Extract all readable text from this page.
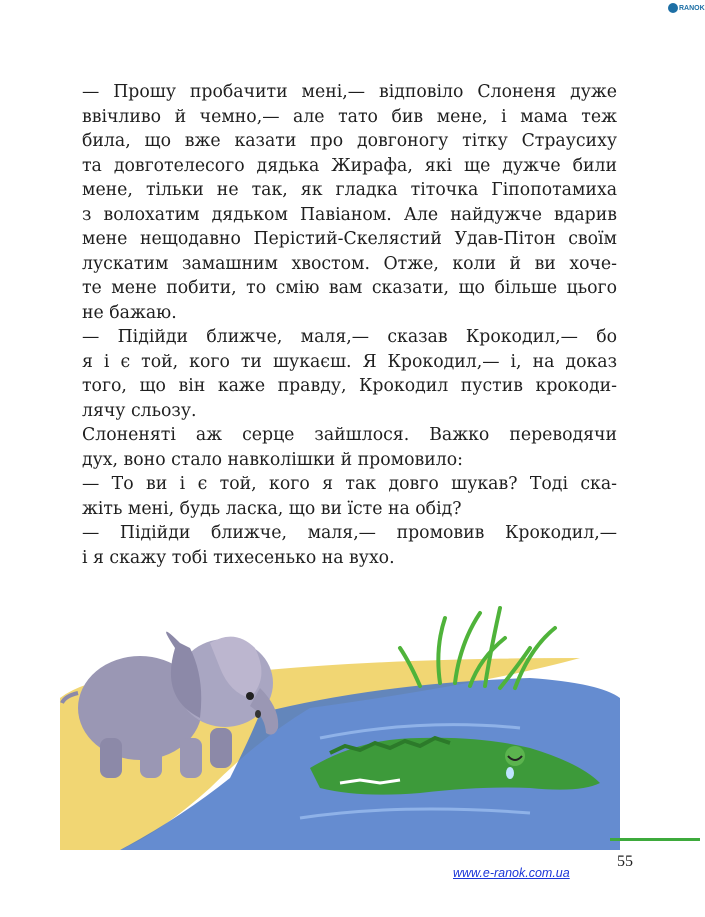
RANOK
— Прошу пробачити мені,— відповіло Слоненя дуже
ввічливо й чемно,— але тато бив мене, і мама теж
била, що вже казати про довгоногу тітку Страусиху
та довготелесого дядька Жирафа, які ще дужче били
мене, тільки не так, як гладка тіточка Гіпопотамиха
з волохатим дядьком Павіаном. Але найдужче вдарив
мене нещодавно Перістий-Скелястий Удав-Пітон своїм
лускатим замашним хвостом. Отже, коли й ви хоче-
те мене побити, то смію вам сказати, що більше цього
не бажаю.
— Підійди ближче, маля,— сказав Крокодил,— бо
я і є той, кого ти шукаєш. Я Крокодил,— і, на доказ
того, що він каже правду, Крокодил пустив крокоди-
лячу сльозу.
Слоненяті аж серце зайшлося. Важко переводячи
дух, воно стало навколішки й промовило:
— То ви і є той, кого я так довго шукав? Тоді ска-
жіть мені, будь ласка, що ви їсте на обід?
— Підійди ближче, маля,— промовив Крокодил,—
і я скажу тобі тихесенько на вухо.
55
www.e-ranok.com.ua
